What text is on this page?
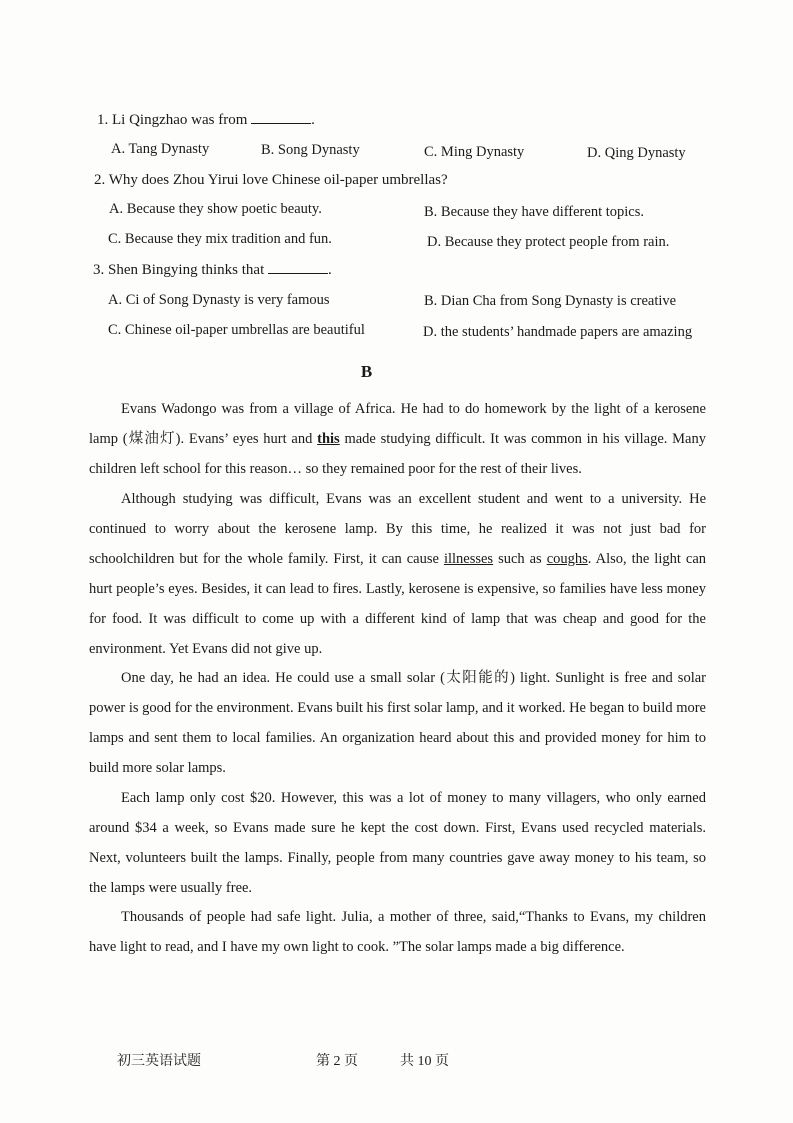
1. Li Qingzhao was from	.
A. Tang Dynasty	B. Song Dynasty	C. Ming Dynasty	D. Qing Dynasty
2. Why does Zhou Yirui love Chinese oil-paper umbrellas?
A. Because they show poetic beauty.	B. Because they have different topics.
C. Because they mix tradition and fun.	D. Because they protect people from rain.
3. Shen Bingying thinks that	.
A. Ci of Song Dynasty is very famous	B. Dian Cha from Song Dynasty is creative
C. Chinese oil-paper umbrellas are beautiful	D. the students’ handmade papers are amazing
B
Evans Wadongo was from a village of Africa. He had to do homework by the light of a kerosene lamp (煤油灯). Evans’ eyes hurt and this made studying difficult. It was common in his village. Many children left school for this reason… so they remained poor for the rest of their lives.
Although studying was difficult, Evans was an excellent student and went to a university. He continued to worry about the kerosene lamp. By this time, he realized it was not just bad for schoolchildren but for the whole family. First, it can cause illnesses such as coughs. Also, the light can hurt people’s eyes. Besides, it can lead to fires. Lastly, kerosene is expensive, so families have less money for food. It was difficult to come up with a different kind of lamp that was cheap and good for the environment. Yet Evans did not give up.
One day, he had an idea. He could use a small solar (太阳能的) light. Sunlight is free and solar power is good for the environment. Evans built his first solar lamp, and it worked. He began to build more lamps and sent them to local families. An organization heard about this and provided money for him to build more solar lamps.
Each lamp only cost $20. However, this was a lot of money to many villagers, who only earned around $34 a week, so Evans made sure he kept the cost down. First, Evans used recycled materials. Next, volunteers built the lamps. Finally, people from many countries gave away money to his team, so the lamps were usually free.
Thousands of people had safe light. Julia, a mother of three, said,“Thanks to Evans, my children have light to read, and I have my own light to cook. ”The solar lamps made a big difference.
初三英语试题	第 2 页	共 10 页
